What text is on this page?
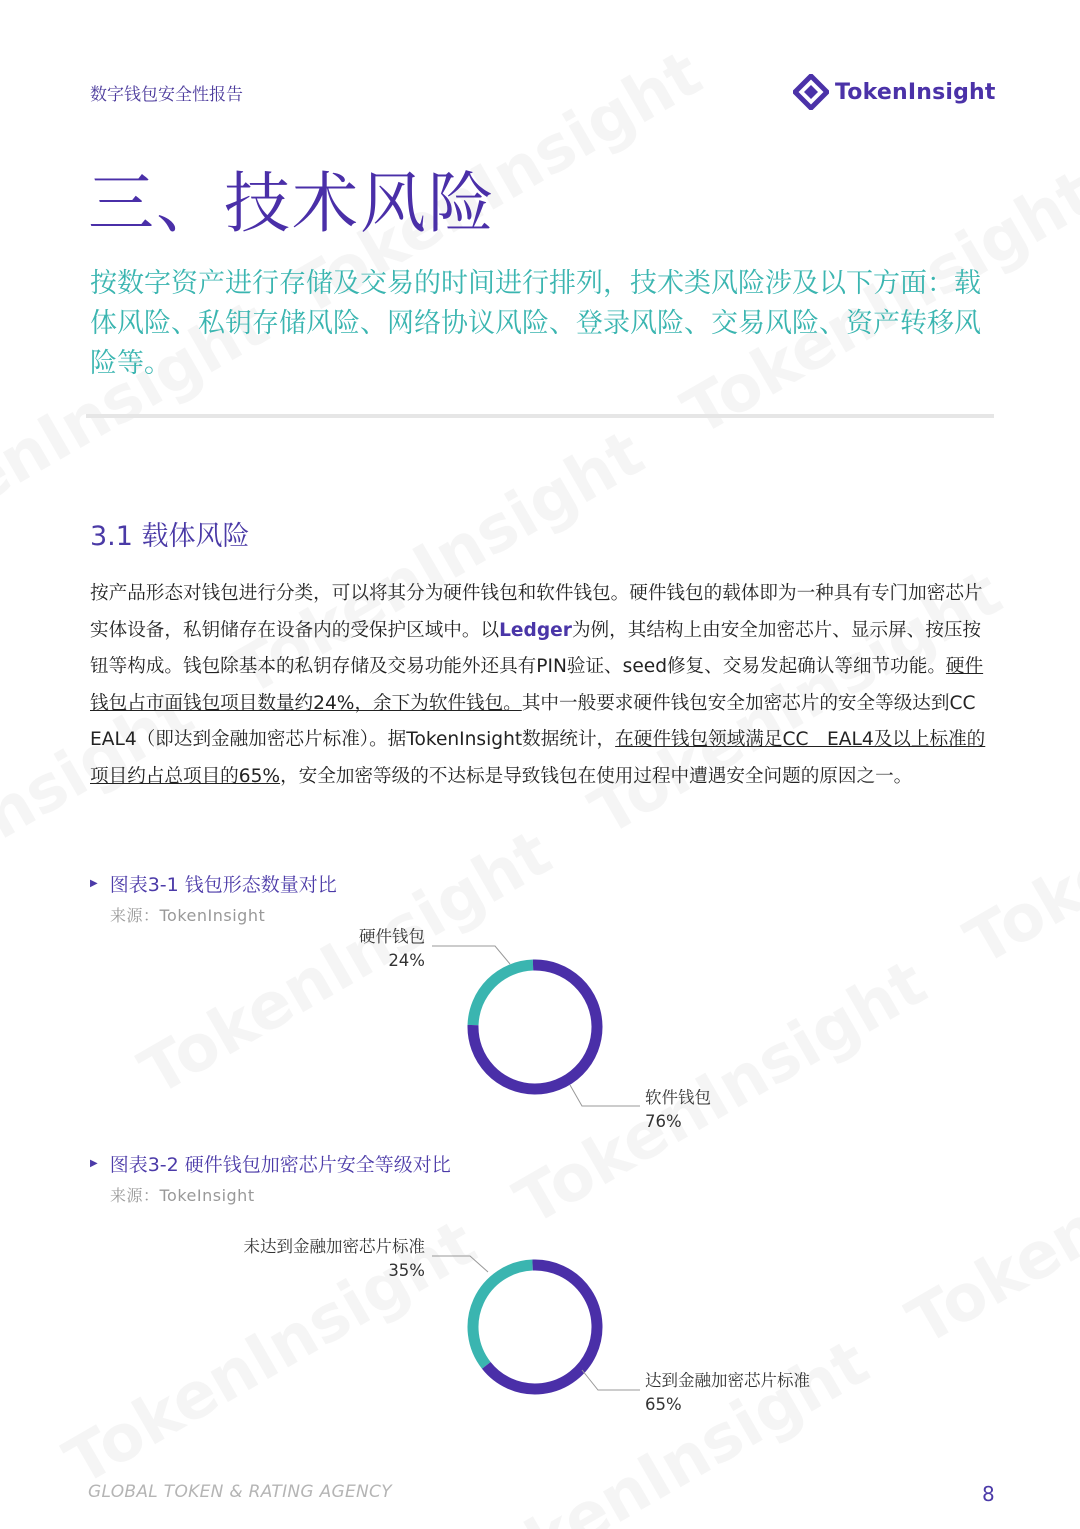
数字钱包安全性报告	TokenInsight
三、技术风险
按数字资产进行存储及交易的时间进行排列，技术类风险涉及以下方面：载体风险、私钥存储风险、网络协议风险、登录风险、交易风险、资产转移风险等。
3.1 载体风险
按产品形态对钱包进行分类，可以将其分为硬件钱包和软件钱包。硬件钱包的载体即为一种具有专门加密芯片实体设备，私钥储存在设备内的受保护区域中。以Ledger为例，其结构上由安全加密芯片、显示屏、按压按钮等构成。钱包除基本的私钥存储及交易功能外还具有PIN验证、seed修复、交易发起确认等细节功能。硬件钱包占市面钱包项目数量约24%，余下为软件钱包。其中一般要求硬件钱包安全加密芯片的安全等级达到CC　EAL4（即达到金融加密芯片标准）。据TokenInsight数据统计，在硬件钱包领域满足CC　EAL4及以上标准的项目约占总项目的65%，安全加密等级的不达标是导致钱包在使用过程中遭遇安全问题的原因之一。
▶ 图表3-1 钱包形态数量对比
来源：TokenInsight
硬件钱包
24%
软件钱包
76%
▶ 图表3-2 硬件钱包加密芯片安全等级对比
来源：TokeInsight
未达到金融加密芯片标准
35%
达到金融加密芯片标准
65%
GLOBAL TOKEN & RATING AGENCY	8
